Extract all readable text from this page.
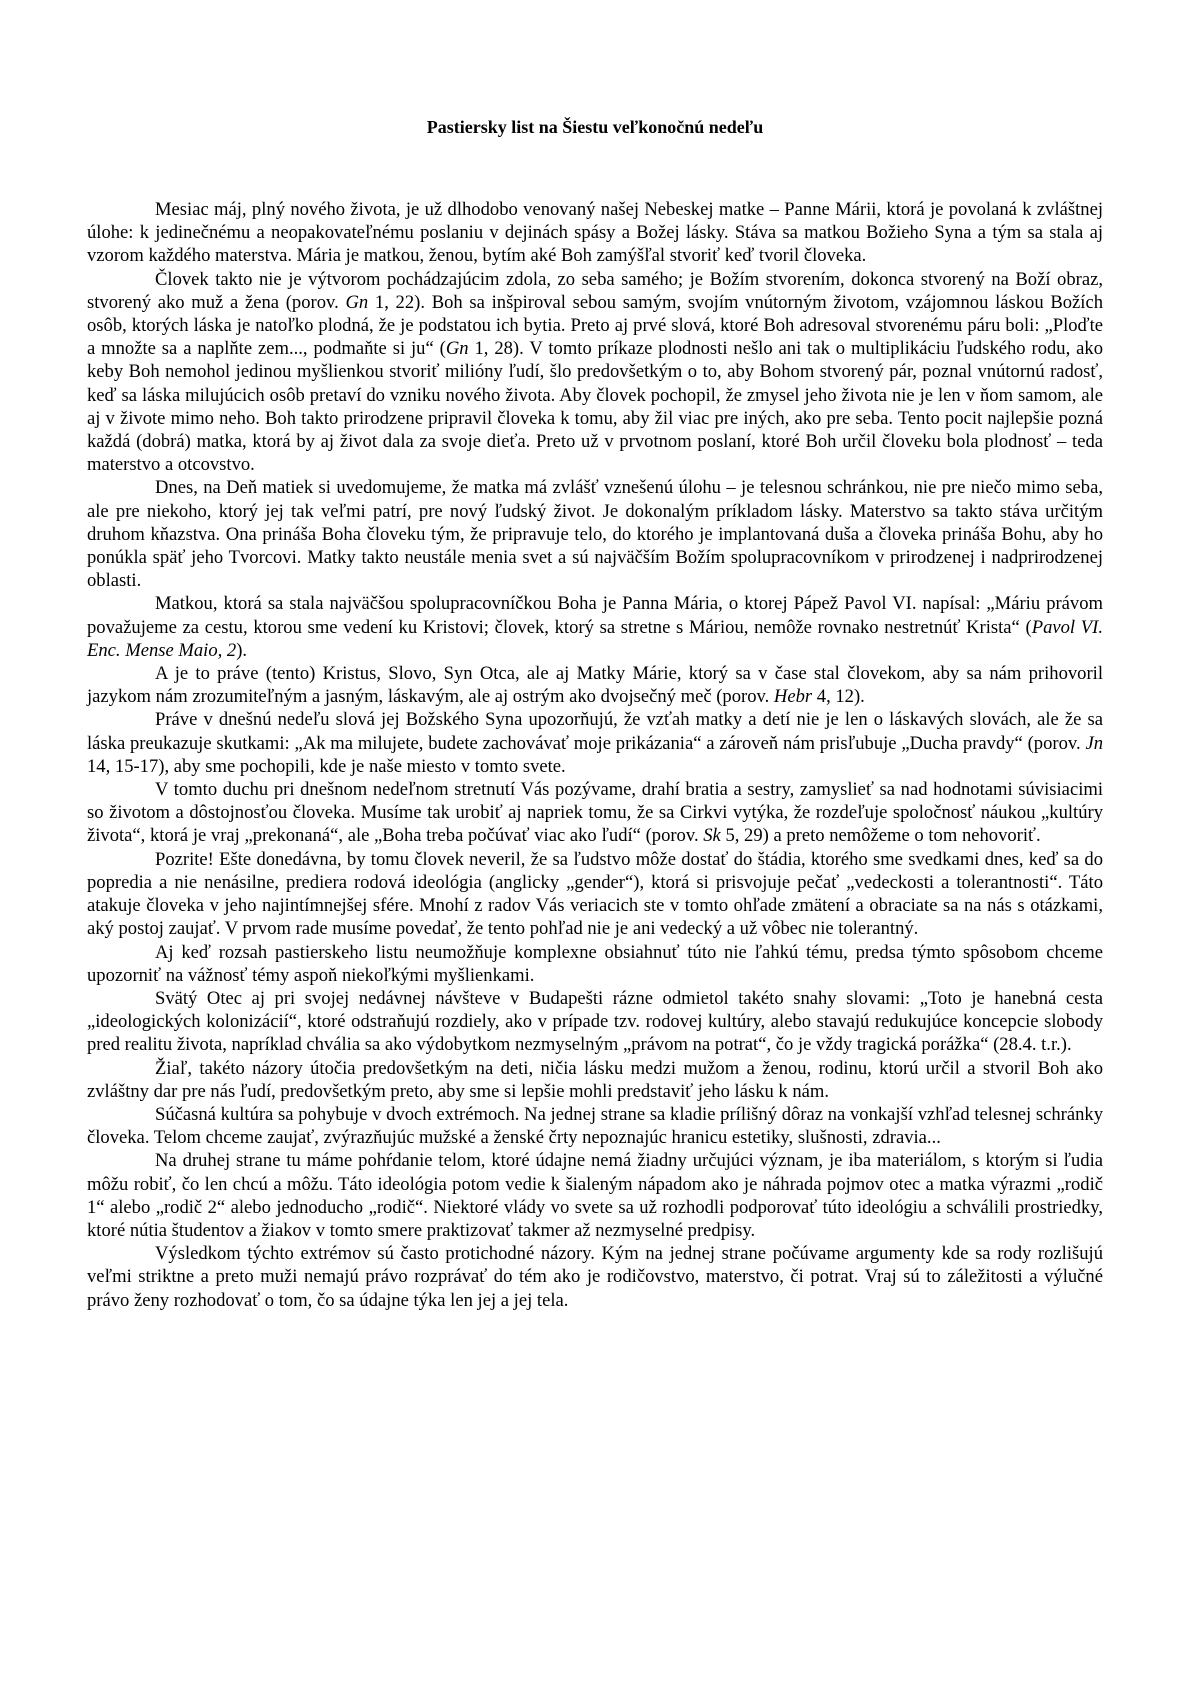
Pastiersky list na Šiestu veľkonočnú nedeľu

Mesiac máj, plný nového života, je už dlhodobo venovaný našej Nebeskej matke – Panne Márii, ktorá je povolaná k zvláštnej úlohe: k jedinečnému a neopakovateľnému poslaniu v dejinách spásy a Božej lásky. Stáva sa matkou Božieho Syna a tým sa stala aj vzorom každého materstva. Mária je matkou, ženou, bytím aké Boh zamýšľal stvoriť keď tvoril človeka.

Človek takto nie je výtvorom pochádzajúcim zdola, zo seba samého; je Božím stvorením, dokonca stvorený na Boží obraz, stvorený ako muž a žena (porov. Gn 1, 22). Boh sa inšpiroval sebou samým, svojím vnútorným životom, vzájomnou láskou Božích osôb, ktorých láska je natoľko plodná, že je podstatou ich bytia. Preto aj prvé slová, ktoré Boh adresoval stvorenému páru boli: „Ploďte a množte sa a naplňte zem..., podmaňte si ju“ (Gn 1, 28). V tomto príkaze plodnosti nešlo ani tak o multiplikáciu ľudského rodu, ako keby Boh nemohol jedinou myšlienkou stvoriť milióny ľudí, šlo predovšetkým o to, aby Bohom stvorený pár, poznal vnútornú radosť, keď sa láska milujúcich osôb pretaví do vzniku nového života. Aby človek pochopil, že zmysel jeho života nie je len v ňom samom, ale aj v živote mimo neho. Boh takto prirodzene pripravil človeka k tomu, aby žil viac pre iných, ako pre seba. Tento pocit najlepšie pozná každá (dobrá) matka, ktorá by aj život dala za svoje dieťa. Preto už v prvotnom poslaní, ktoré Boh určil človeku bola plodnosť – teda materstvo a otcovstvo.

Dnes, na Deň matiek si uvedomujeme, že matka má zvlášť vznešenú úlohu – je telesnou schránkou, nie pre niečo mimo seba, ale pre niekoho, ktorý jej tak veľmi patrí, pre nový ľudský život. Je dokonalým príkladom lásky. Materstvo sa takto stáva určitým druhom kňazstva. Ona prináša Boha človeku tým, že pripravuje telo, do ktorého je implantovaná duša a človeka prináša Bohu, aby ho ponúkla späť jeho Tvorcovi. Matky takto neustále menia svet a sú najväčším Božím spolupracovníkom v prirodzenej i nadprirodzenej oblasti.

Matkou, ktorá sa stala najväčšou spolupracovníčkou Boha je Panna Mária, o ktorej Pápež Pavol VI. napísal: „Máriu právom považujeme za cestu, ktorou sme vedení ku Kristovi; človek, ktorý sa stretne s Máriou, nemôže rovnako nestretnúť Krista“ (Pavol VI. Enc. Mense Maio, 2).

A je to práve (tento) Kristus, Slovo, Syn Otca, ale aj Matky Márie, ktorý sa v čase stal človekom, aby sa nám prihovoril jazykom nám zrozumiteľným a jasným, láskavým, ale aj ostrým ako dvojsečný meč (porov. Hebr 4, 12).

Práve v dnešnú nedeľu slová jej Božského Syna upozorňujú, že vzťah matky a detí nie je len o láskavých slovách, ale že sa láska preukazuje skutkami: „Ak ma milujete, budete zachovávať moje prikázania“ a zároveň nám prisľubuje „Ducha pravdy“ (porov. Jn 14, 15-17), aby sme pochopili, kde je naše miesto v tomto svete.

V tomto duchu pri dnešnom nedeľnom stretnutí Vás pozývame, drahí bratia a sestry, zamyslieť sa nad hodnotami súvisiacimi so životom a dôstojnosťou človeka. Musíme tak urobiť aj napriek tomu, že sa Cirkvi vytýka, že rozdeľuje spoločnosť náukou „kultúry života“, ktorá je vraj „prekonaná“, ale „Boha treba počúvať viac ako ľudí“ (porov. Sk 5, 29) a preto nemôžeme o tom nehovoriť.

Pozrite! Ešte donedávna, by tomu človek neveril, že sa ľudstvo môže dostať do štádia, ktorého sme svedkami dnes, keď sa do popredia a nie nenásilne, prediera rodová ideológia (anglicky „gender“), ktorá si prisvojuje pečať „vedeckosti a tolerantnosti“. Táto atakuje človeka v jeho najintímnejšej sfére. Mnohí z radov Vás veriacich ste v tomto ohľade zmätení a obraciate sa na nás s otázkami, aký postoj zaujať. V prvom rade musíme povedať, že tento pohľad nie je ani vedecký a už vôbec nie tolerantný.

Aj keď rozsah pastierskeho listu neumožňuje komplexne obsiahnuť túto nie ľahkú tému, predsa týmto spôsobom chceme upozorniť na vážnosť témy aspoň niekoľkými myšlienkami.

Svätý Otec aj pri svojej nedávnej návšteve v Budapešti rázne odmietol takéto snahy slovami: „Toto je hanebná cesta „ideologických kolonizácií“, ktoré odstraňujú rozdiely, ako v prípade tzv. rodovej kultúry, alebo stavajú redukujúce koncepcie slobody pred realitu života, napríklad chvália sa ako výdobytkom nezmyselným „právom na potrat“, čo je vždy tragická porážka“ (28.4. t.r.).

Žiaľ, takéto názory útočia predovšetkým na deti, ničia lásku medzi mužom a ženou, rodinu, ktorú určil a stvoril Boh ako zvláštny dar pre nás ľudí, predovšetkým preto, aby sme si lepšie mohli predstaviť jeho lásku k nám.

Súčasná kultúra sa pohybuje v dvoch extrémoch. Na jednej strane sa kladie prílišný dôraz na vonkajší vzhľad telesnej schránky človeka. Telom chceme zaujať, zvýrazňujúc mužské a ženské črty nepoznajúc hranicu estetiky, slušnosti, zdravia...

Na druhej strane tu máme pohŕdanie telom, ktoré údajne nemá žiadny určujúci význam, je iba materiálom, s ktorým si ľudia môžu robiť, čo len chcú a môžu. Táto ideológia potom vedie k šialeným nápadom ako je náhrada pojmov otec a matka výrazmi „rodič 1“ alebo „rodič 2“ alebo jednoducho „rodič“. Niektoré vlády vo svete sa už rozhodli podporovať túto ideológiu a schválili prostriedky, ktoré nútia študentov a žiakov v tomto smere praktizovať takmer až nezmyselné predpisy.

Výsledkom týchto extrémov sú často protichodné názory. Kým na jednej strane počúvame argumenty kde sa rody rozlišujú veľmi striktne a preto muži nemajú právo rozprávať do tém ako je rodičovstvo, materstvo, či potrat. Vraj sú to záležitosti a výlučné právo ženy rozhodovať o tom, čo sa údajne týka len jej a jej tela.
